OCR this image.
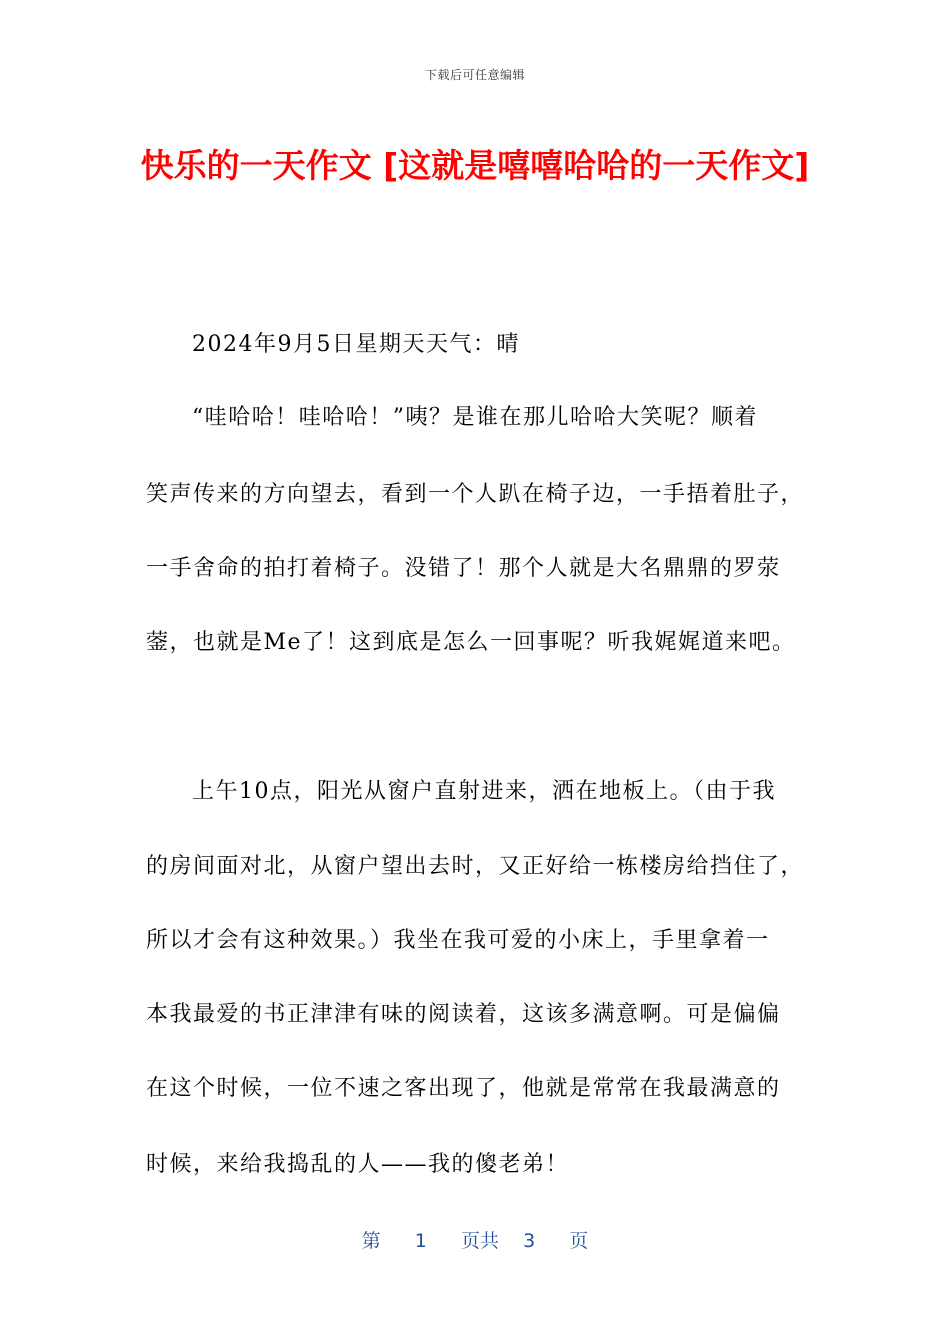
下载后可任意编辑
快乐的一天作文 [这就是嘻嘻哈哈的一天作文]
2024年9月5日星期天天气：晴
“哇哈哈！哇哈哈！”咦？是谁在那儿哈哈大笑呢？顺着
笑声传来的方向望去，看到一个人趴在椅子边，一手捂着肚子，
一手舍命的拍打着椅子。没错了！那个人就是大名鼎鼎的罗荥
蓥，也就是Me了！这到底是怎么一回事呢？听我娓娓道来吧。
上午10点，阳光从窗户直射进来，洒在地板上。（由于我
的房间面对北，从窗户望出去时，又正好给一栋楼房给挡住了，
所以才会有这种效果。）我坐在我可爱的小床上，手里拿着一
本我最爱的书正津津有味的阅读着，这该多满意啊。可是偏偏
在这个时候，一位不速之客出现了，他就是常常在我最满意的
时候，来给我捣乱的人——我的傻老弟！
第 1 页共 3 页
